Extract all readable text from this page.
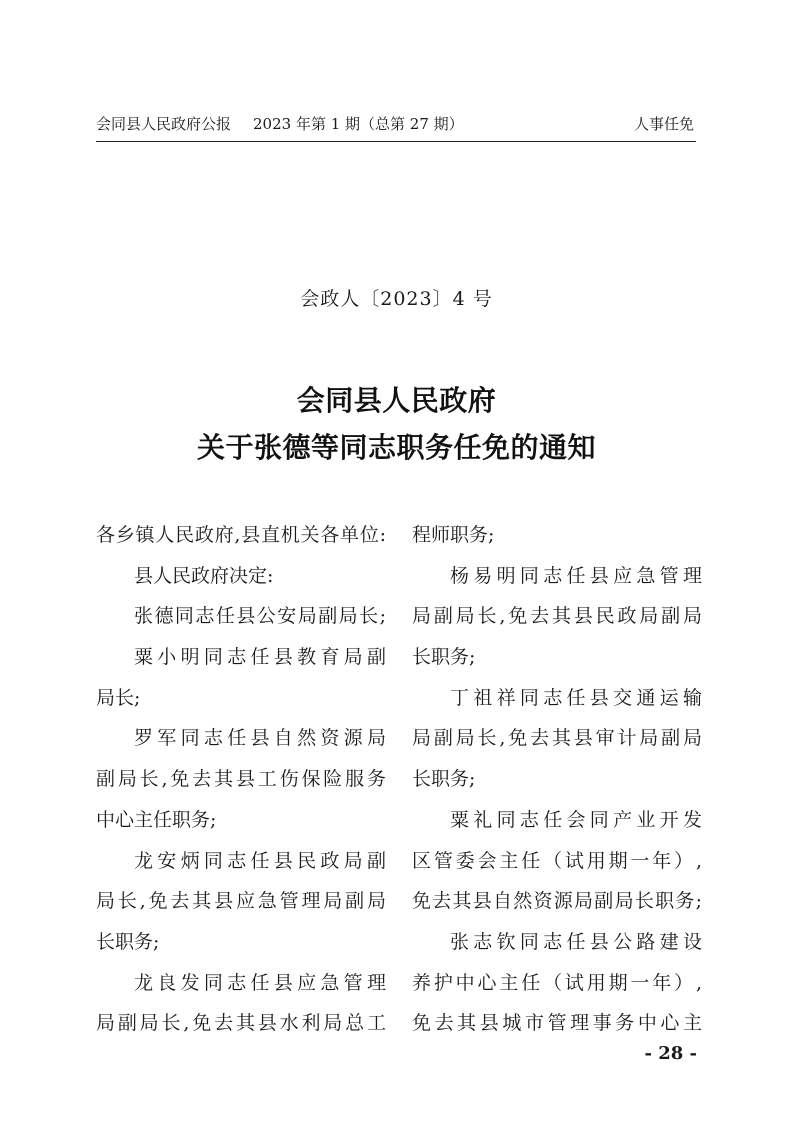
会同县人民政府公报 2023 年第 1 期（总第 27 期）	人事任免
会政人〔2023〕4 号
会同县人民政府
关于张德等同志职务任免的通知
各乡镇人民政府,县直机关各单位:
县人民政府决定:
张德同志任县公安局副局长;
粟小明同志任县教育局副
局长;
罗军同志任县自然资源局
副局长,免去其县工伤保险服务
中心主任职务;
龙安炳同志任县民政局副
局长,免去其县应急管理局副局
长职务;
龙良发同志任县应急管理
局副局长,免去其县水利局总工
程师职务;
杨易明同志任县应急管理
局副局长,免去其县民政局副局
长职务;
丁祖祥同志任县交通运输
局副局长,免去其县审计局副局
长职务;
粟礼同志任会同产业开发
区管委会主任（试用期一年）,
免去其县自然资源局副局长职务;
张志钦同志任县公路建设
养护中心主任（试用期一年）,
免去其县城市管理事务中心主
- 28 -
